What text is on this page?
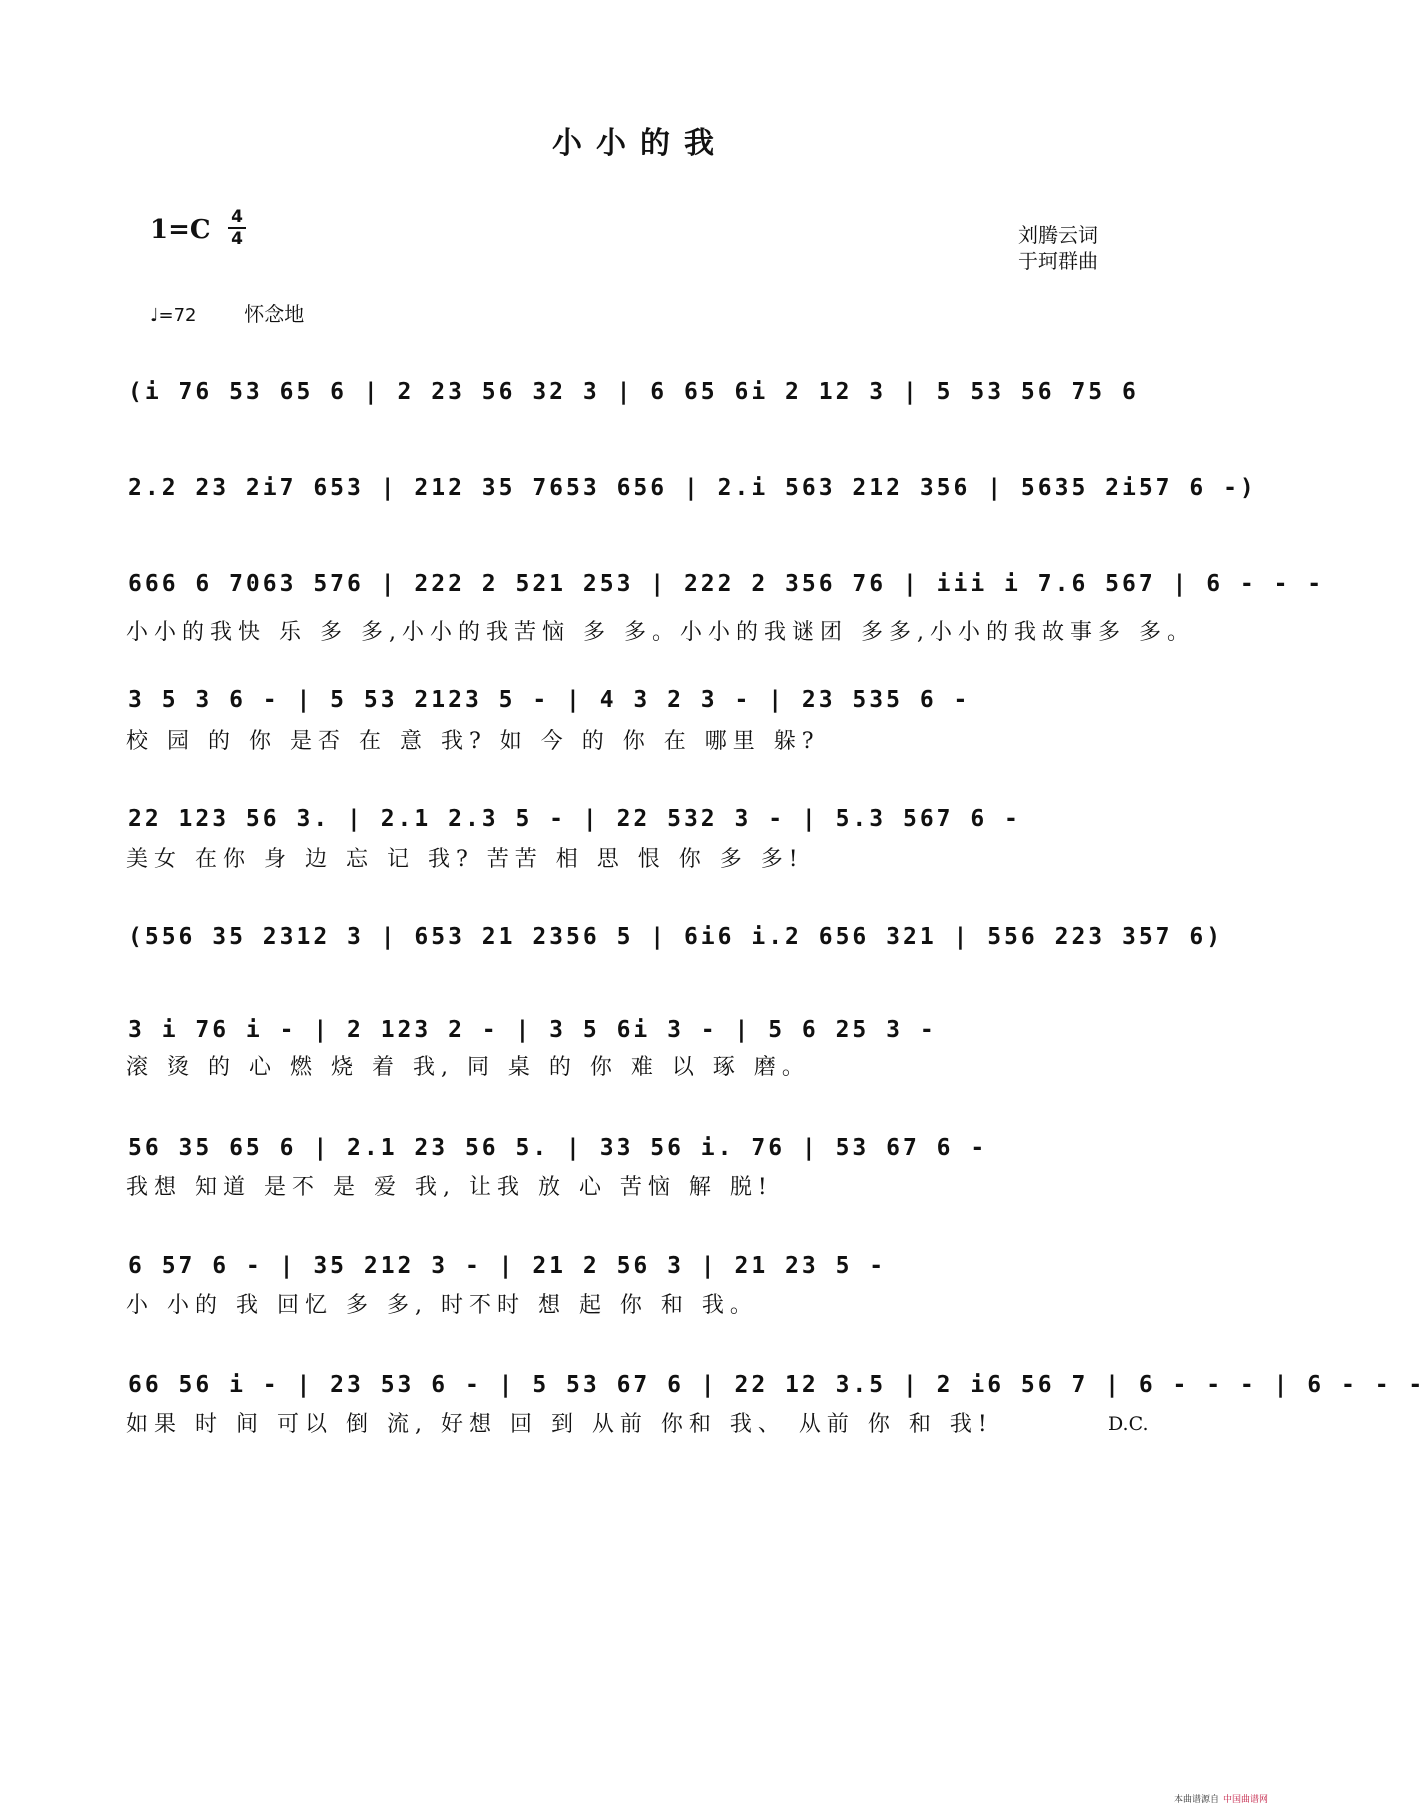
小小的我
1=C 4
4	刘腾云词
于珂群曲
♩=72 怀念地
(i 76 53 65 6 | 2 23 56 32 3 | 6 65 6i 2 12 3 | 5 53 56 75 6
2.2 23 2i7 653 | 212 35 7653 656 | 2.i 563 212 356 | 5635 2i57 6 -)
666 6 7063 576 | 222 2 521 253 | 222 2 356 76 | iii i 7.6 567 | 6 - - -
小小的我快 乐 多 多,小小的我苦恼 多 多。小小的我谜团 多多,小小的我故事多 多。
3 5 3 6 - | 5 53 2123 5 - | 4 3 2 3 - | 23 535 6 -
校 园 的 你 是否 在 意 我? 如 今 的 你 在 哪里 躲?
22 123 56 3. | 2.1 2.3 5 - | 22 532 3 - | 5.3 567 6 -
美女 在你 身 边 忘 记 我? 苦苦 相 思 恨 你 多 多!
(556 35 2312 3 | 653 21 2356 5 | 6i6 i.2 656 321 | 556 223 357 6)
3 i 76 i - | 2 123 2 - | 3 5 6i 3 - | 5 6 25 3 -
滚 烫 的 心 燃 烧 着 我, 同 桌 的 你 难 以 琢 磨。
56 35 65 6 | 2.1 23 56 5. | 33 56 i. 76 | 53 67 6 -
我想 知道 是不 是 爱 我, 让我 放 心 苦恼 解 脱!
6 57 6 - | 35 212 3 - | 21 2 56 3 | 21 23 5 -
小 小的 我 回忆 多 多, 时不时 想 起 你 和 我。
66 56 i - | 23 53 6 - | 5 53 67 6 | 22 12 3.5 | 2 i6 56 7 | 6 - - - | 6 - - -
如果 时 间 可以 倒 流, 好想 回 到 从前 你和 我、 从前 你 和 我!	D.C.
本曲谱源自 中国曲谱网
